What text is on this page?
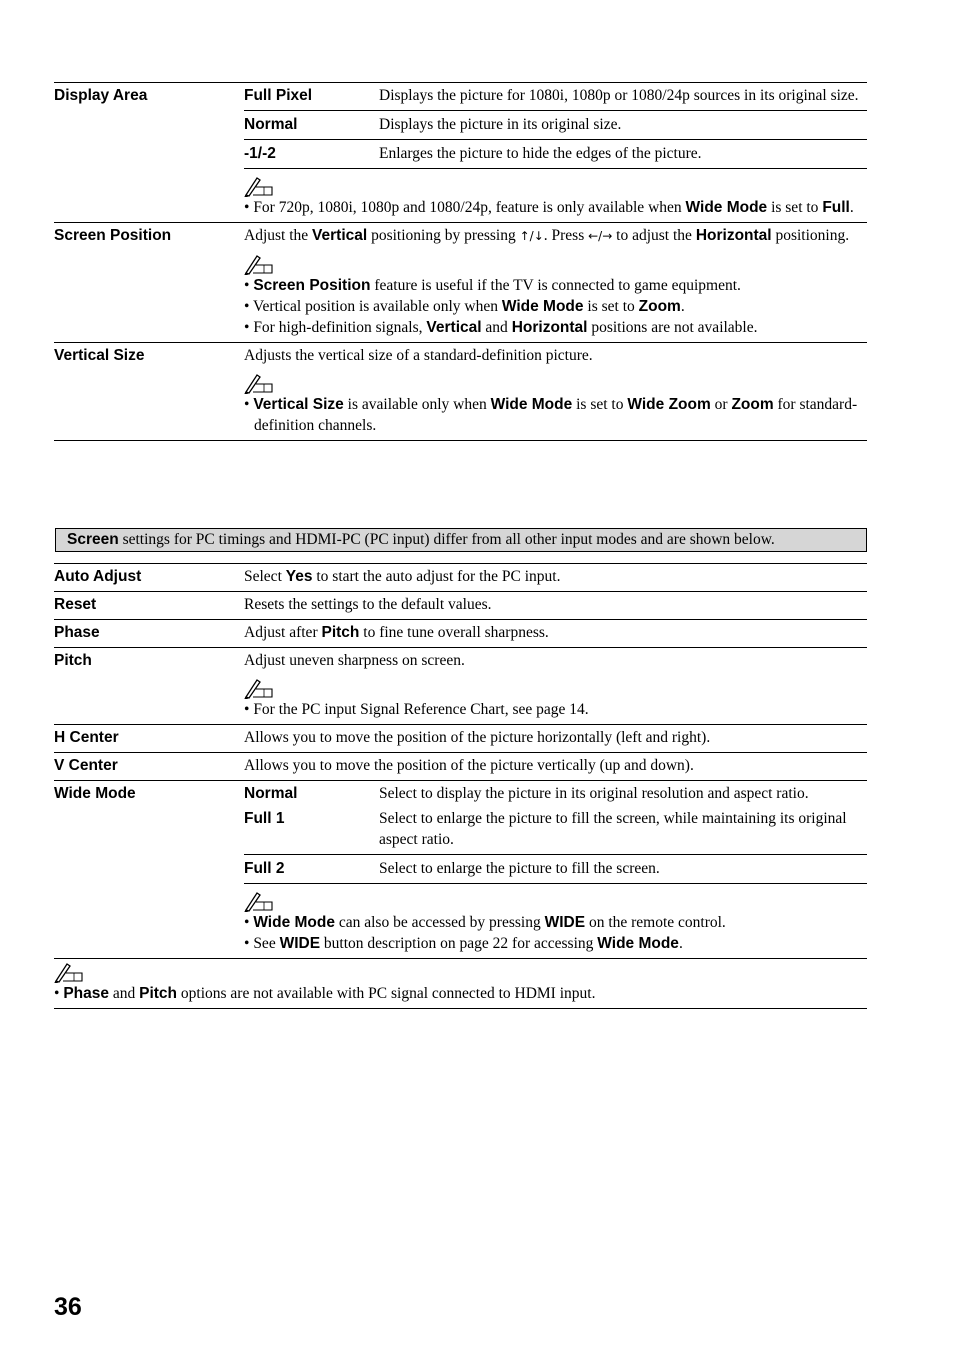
Display Area	Full Pixel	Displays the picture for 1080i, 1080p or 1080/24p sources in its original size.
Normal	Displays the picture in its original size.
-1/-2	Enlarges the picture to hide the edges of the picture.
• For 720p, 1080i, 1080p and 1080/24p, feature is only available when Wide Mode is set to Full.
Screen Position	Adjust the Vertical positioning by pressing ↑/↓. Press ←/→ to adjust the Horizontal positioning.
• Screen Position feature is useful if the TV is connected to game equipment.
• Vertical position is available only when Wide Mode is set to Zoom.
• For high-definition signals, Vertical and Horizontal positions are not available.
Vertical Size	Adjusts the vertical size of a standard-definition picture.
• Vertical Size is available only when Wide Mode is set to Wide Zoom or Zoom for standard-definition channels.
Screen settings for PC timings and HDMI-PC (PC input) differ from all other input modes and are shown below.
Auto Adjust	Select Yes to start the auto adjust for the PC input.
Reset	Resets the settings to the default values.
Phase	Adjust after Pitch to fine tune overall sharpness.
Pitch	Adjust uneven sharpness on screen.
• For the PC input Signal Reference Chart, see page 14.
H Center	Allows you to move the position of the picture horizontally (left and right).
V Center	Allows you to move the position of the picture vertically (up and down).
Wide Mode	Normal	Select to display the picture in its original resolution and aspect ratio.
Full 1	Select to enlarge the picture to fill the screen, while maintaining its original aspect ratio.
Full 2	Select to enlarge the picture to fill the screen.
• Wide Mode can also be accessed by pressing WIDE on the remote control.
• See WIDE button description on page 22 for accessing Wide Mode.
• Phase and Pitch options are not available with PC signal connected to HDMI input.
36
